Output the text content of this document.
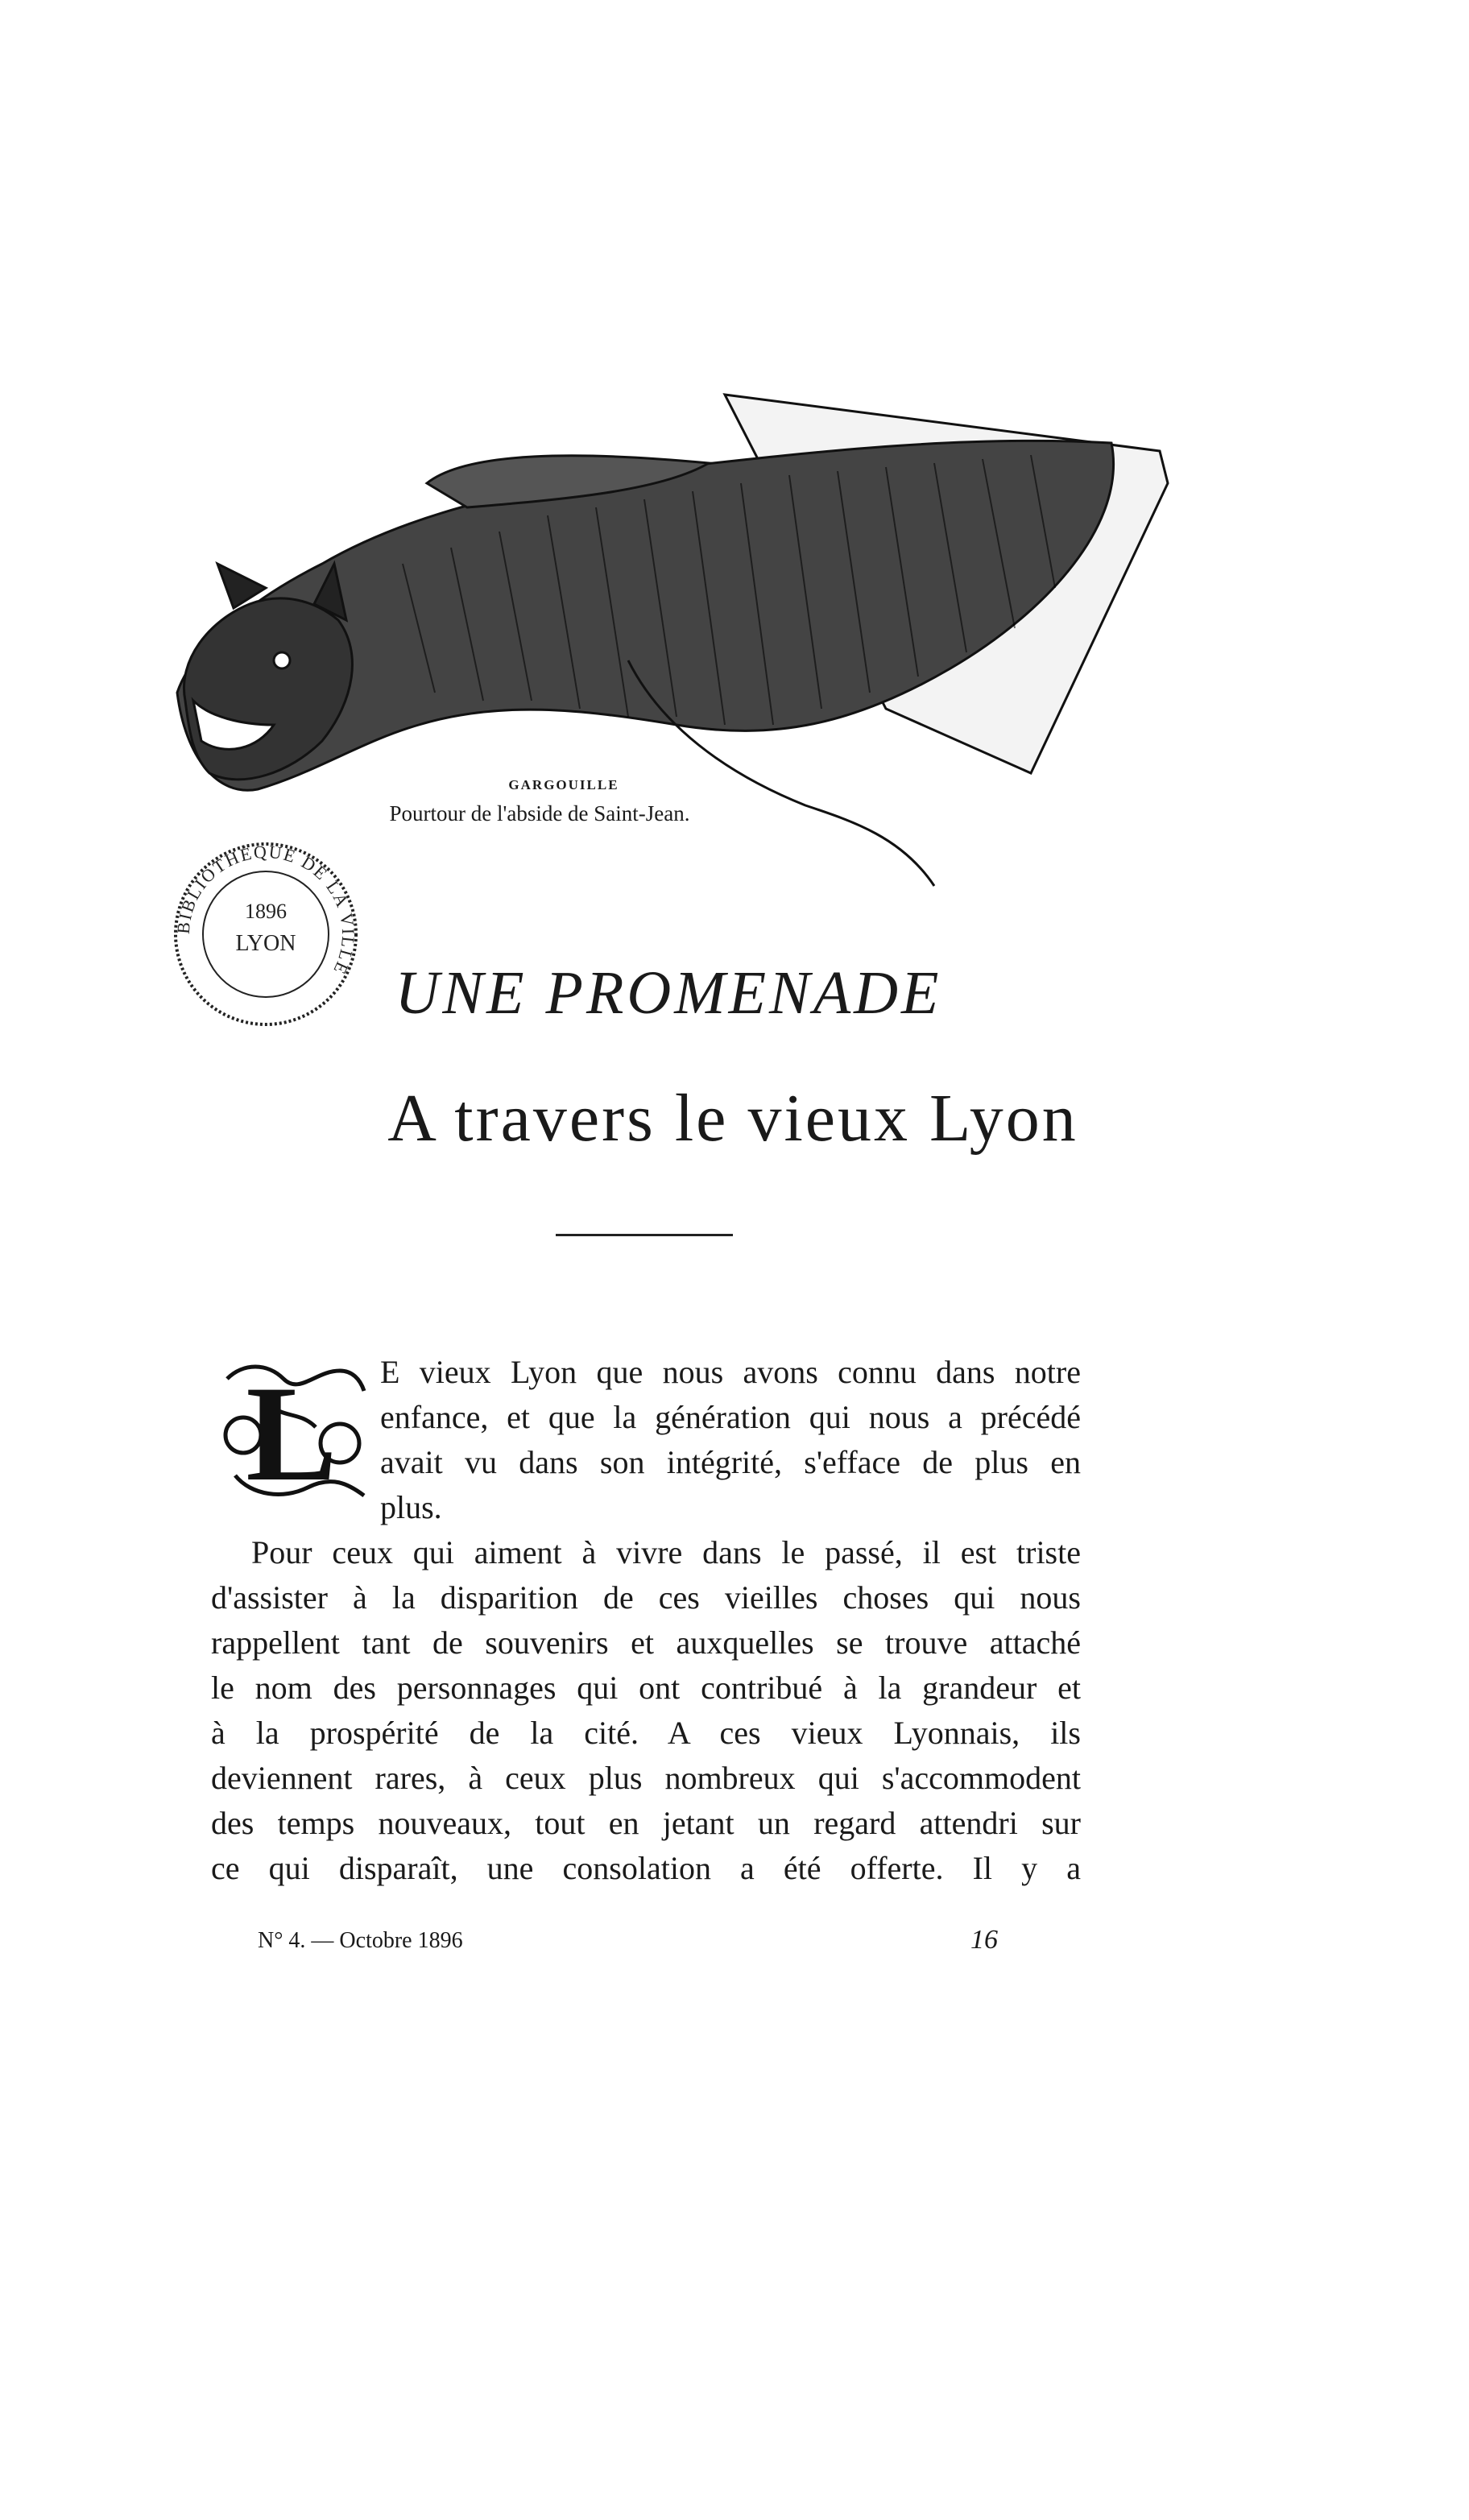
GARGOUILLE
Pourtour de l'abside de Saint-Jean.
BIBLIOTHÈQUE DE LA VILLE
1896
LYON
UNE PROMENADE
A travers le vieux Lyon
L E vieux Lyon que nous avons connu dans notre
enfance, et que la génération qui nous a précédé
avait vu dans son intégrité, s'efface de plus en
plus.
Pour ceux qui aiment à vivre dans le passé, il est triste
d'assister à la disparition de ces vieilles choses qui nous
rappellent tant de souvenirs et auxquelles se trouve attaché
le nom des personnages qui ont contribué à la grandeur et
à la prospérité de la cité. A ces vieux Lyonnais, ils
deviennent rares, à ceux plus nombreux qui s'accommodent
des temps nouveaux, tout en jetant un regard attendri sur
ce qui disparaît, une consolation a été offerte. Il y a
N° 4. — Octobre 1896	16
